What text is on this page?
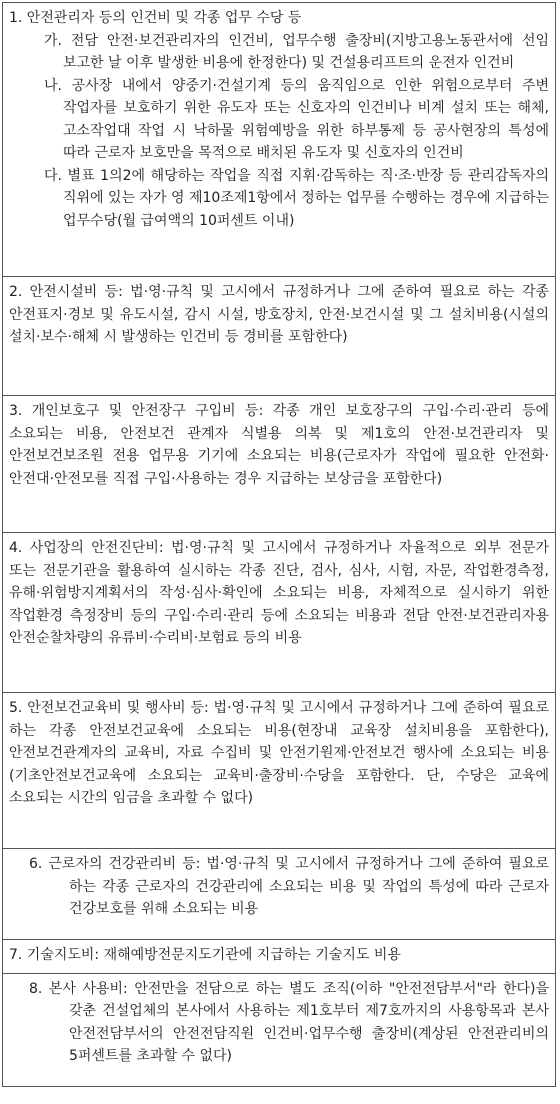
1. 안전관리자 등의 인건비 및 각종 업무 수당 등

가. 전담 안전·보건관리자의 인건비, 업무수행 출장비(지방고용노동관서에 선임 보고한 날 이후 발생한 비용에 한정한다) 및 건설용리프트의 운전자 인건비

나. 공사장 내에서 양중기·건설기계 등의 움직임으로 인한 위험으로부터 주변 작업자를 보호하기 위한 유도자 또는 신호자의 인건비나 비계 설치 또는 해체, 고소작업대 작업 시 낙하물 위험예방을 위한 하부통제 등 공사현장의 특성에 따라 근로자 보호만을 목적으로 배치된 유도자 및 신호자의 인건비

다. 별표 1의2에 해당하는 작업을 직접 지휘·감독하는 직·조·반장 등 관리감독자의 직위에 있는 자가 영 제10조제1항에서 정하는 업무를 수행하는 경우에 지급하는 업무수당(월 급여액의 10퍼센트 이내)

2. 안전시설비 등: 법·영·규칙 및 고시에서 규정하거나 그에 준하여 필요로 하는 각종 안전표지·경보 및 유도시설, 감시 시설, 방호장치, 안전·보건시설 및 그 설치비용(시설의 설치·보수·해체 시 발생하는 인건비 등 경비를 포함한다)

3. 개인보호구 및 안전장구 구입비 등: 각종 개인 보호장구의 구입·수리·관리 등에 소요되는 비용, 안전보건 관계자 식별용 의복 및 제1호의 안전·보건관리자 및 안전보건보조원 전용 업무용 기기에 소요되는 비용(근로자가 작업에 필요한 안전화·안전대·안전모를 직접 구입·사용하는 경우 지급하는 보상금을 포함한다)

4. 사업장의 안전진단비: 법·영·규칙 및 고시에서 규정하거나 자율적으로 외부 전문가 또는 전문기관을 활용하여 실시하는 각종 진단, 검사, 심사, 시험, 자문, 작업환경측정, 유해·위험방지계획서의 작성·심사·확인에 소요되는 비용, 자체적으로 실시하기 위한 작업환경 측정장비 등의 구입·수리·관리 등에 소요되는 비용과 전담 안전·보건관리자용 안전순찰차량의 유류비·수리비·보험료 등의 비용

5. 안전보건교육비 및 행사비 등: 법·영·규칙 및 고시에서 규정하거나 그에 준하여 필요로 하는 각종 안전보건교육에 소요되는 비용(현장내 교육장 설치비용을 포함한다), 안전보건관계자의 교육비, 자료 수집비 및 안전기원제·안전보건 행사에 소요되는 비용(기초안전보건교육에 소요되는 교육비·출장비·수당을 포함한다. 단, 수당은 교육에 소요되는 시간의 임금을 초과할 수 없다)

6. 근로자의 건강관리비 등: 법·영·규칙 및 고시에서 규정하거나 그에 준하여 필요로 하는 각종 근로자의 건강관리에 소요되는 비용 및 작업의 특성에 따라 근로자 건강보호를 위해 소요되는 비용

7. 기술지도비: 재해예방전문지도기관에 지급하는 기술지도 비용

8. 본사 사용비: 안전만을 전담으로 하는 별도 조직(이하 "안전전담부서"라 한다)을 갖춘 건설업체의 본사에서 사용하는 제1호부터 제7호까지의 사용항목과 본사 안전전담부서의 안전전담직원 인건비·업무수행 출장비(계상된 안전관리비의 5퍼센트를 초과할 수 없다)
